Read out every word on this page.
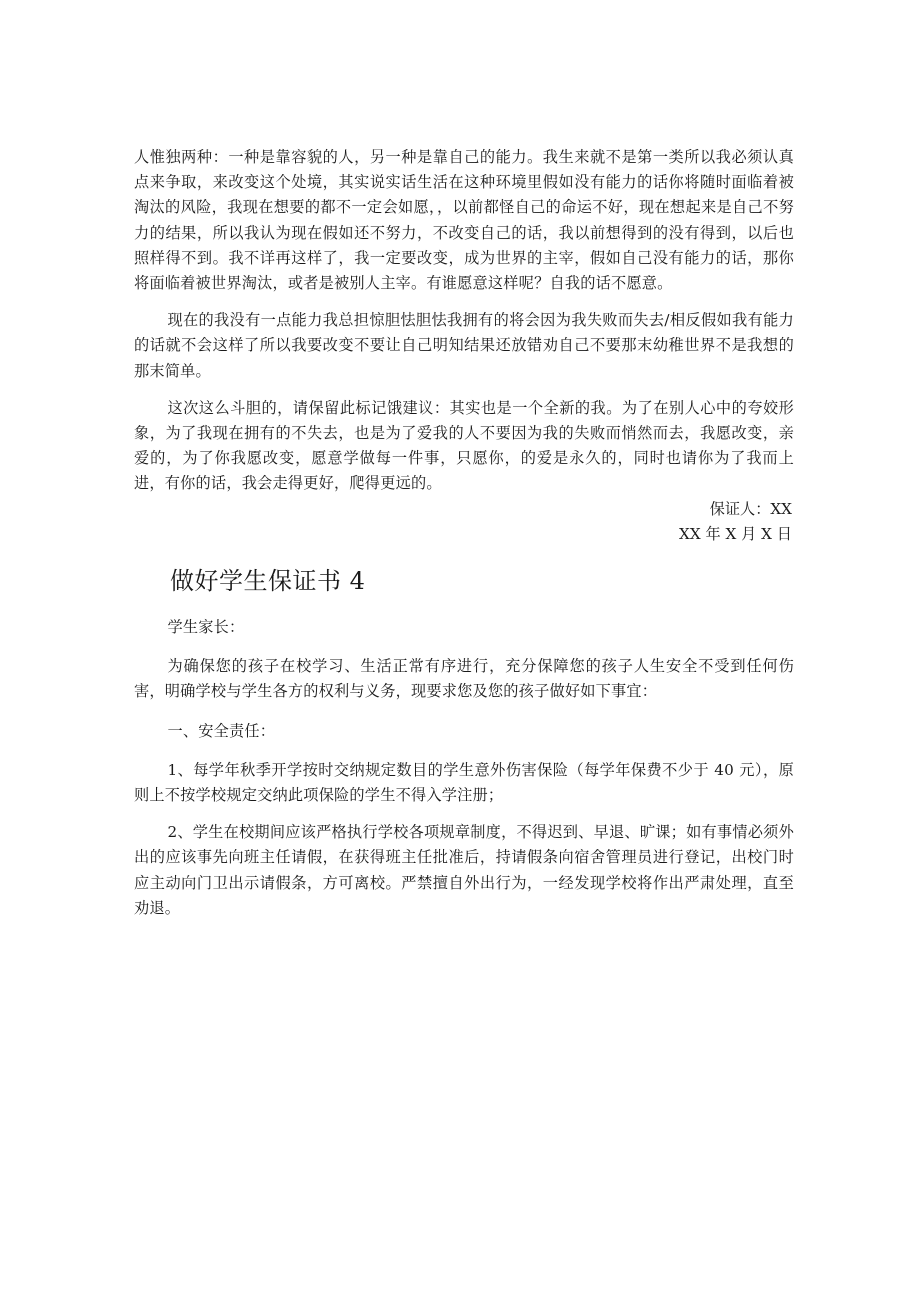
人惟独两种：一种是靠容貌的人，另一种是靠自己的能力。我生来就不是第一类所以我必须认真点来争取，来改变这个处境，其实说实话生活在这种环境里假如没有能力的话你将随时面临着被淘汰的风险，我现在想要的都不一定会如愿，，以前都怪自己的命运不好，现在想起来是自己不努力的结果，所以我认为现在假如还不努力，不改变自己的话，我以前想得到的没有得到，以后也照样得不到。我不详再这样了，我一定要改变，成为世界的主宰，假如自己没有能力的话，那你将面临着被世界淘汰，或者是被别人主宰。有谁愿意这样呢？自我的话不愿意。

现在的我没有一点能力我总担惊胆怯胆怯我拥有的将会因为我失败而失去/相反假如我有能力的话就不会这样了所以我要改变不要让自己明知结果还放错劝自己不要那末幼稚世界不是我想的那末简单。

这次这么斗胆的，请保留此标记饿建议：其实也是一个全新的我。为了在别人心中的夸姣形象，为了我现在拥有的不失去，也是为了爱我的人不要因为我的失败而悄然而去，我愿改变，亲爱的，为了你我愿改变，愿意学做每一件事，只愿你，的爱是永久的，同时也请你为了我而上进，有你的话，我会走得更好，爬得更远的。

保证人：XX

XX 年 X 月 X 日

做好学生保证书 4

学生家长：

为确保您的孩子在校学习、生活正常有序进行，充分保障您的孩子人生安全不受到任何伤害，明确学校与学生各方的权利与义务，现要求您及您的孩子做好如下事宜：

一、安全责任：

1、每学年秋季开学按时交纳规定数目的学生意外伤害保险（每学年保费不少于 40 元），原则上不按学校规定交纳此项保险的学生不得入学注册；

2、学生在校期间应该严格执行学校各项规章制度，不得迟到、早退、旷课；如有事情必须外出的应该事先向班主任请假，在获得班主任批准后，持请假条向宿舍管理员进行登记，出校门时应主动向门卫出示请假条，方可离校。严禁擅自外出行为，一经发现学校将作出严肃处理，直至劝退。
